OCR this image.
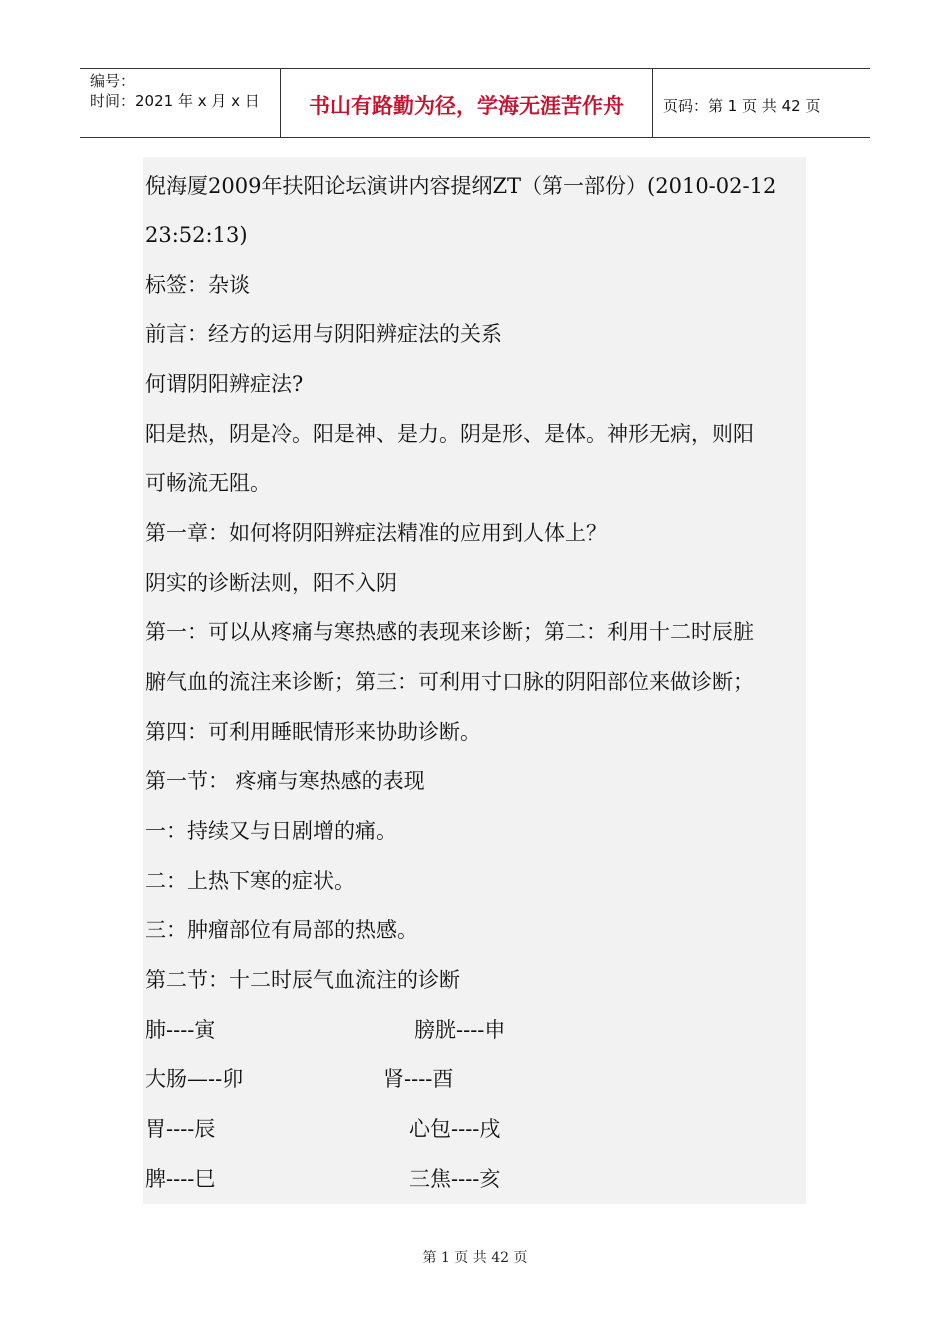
编号：
时间：2021 年 x 月 x 日	书山有路勤为径，学海无涯苦作舟	页码：第 1 页 共 42 页
倪海厦2009年扶阳论坛演讲内容提纲ZT（第一部份）(2010-02-12
23:52:13)
标签：杂谈
前言：经方的运用与阴阳辨症法的关系
何谓阴阳辨症法?
阳是热，阴是冷。阳是神、是力。阴是形、是体。神形无病，则阳
可畅流无阻。
第一章：如何将阴阳辨症法精准的应用到人体上？
阴实的诊断法则，阳不入阴
第一：可以从疼痛与寒热感的表现来诊断；第二：利用十二时辰脏
腑气血的流注来诊断；第三：可利用寸口脉的阴阳部位来做诊断；
第四：可利用睡眠情形来协助诊断。
第一节： 疼痛与寒热感的表现
一：持续又与日剧增的痛。
二：上热下寒的症状。
三：肿瘤部位有局部的热感。
第二节：十二时辰气血流注的诊断
肺----寅	膀胱----申
大肠—--卯	肾----酉
胃----辰	心包----戌
脾----巳	三焦----亥
第 1 页 共 42 页
